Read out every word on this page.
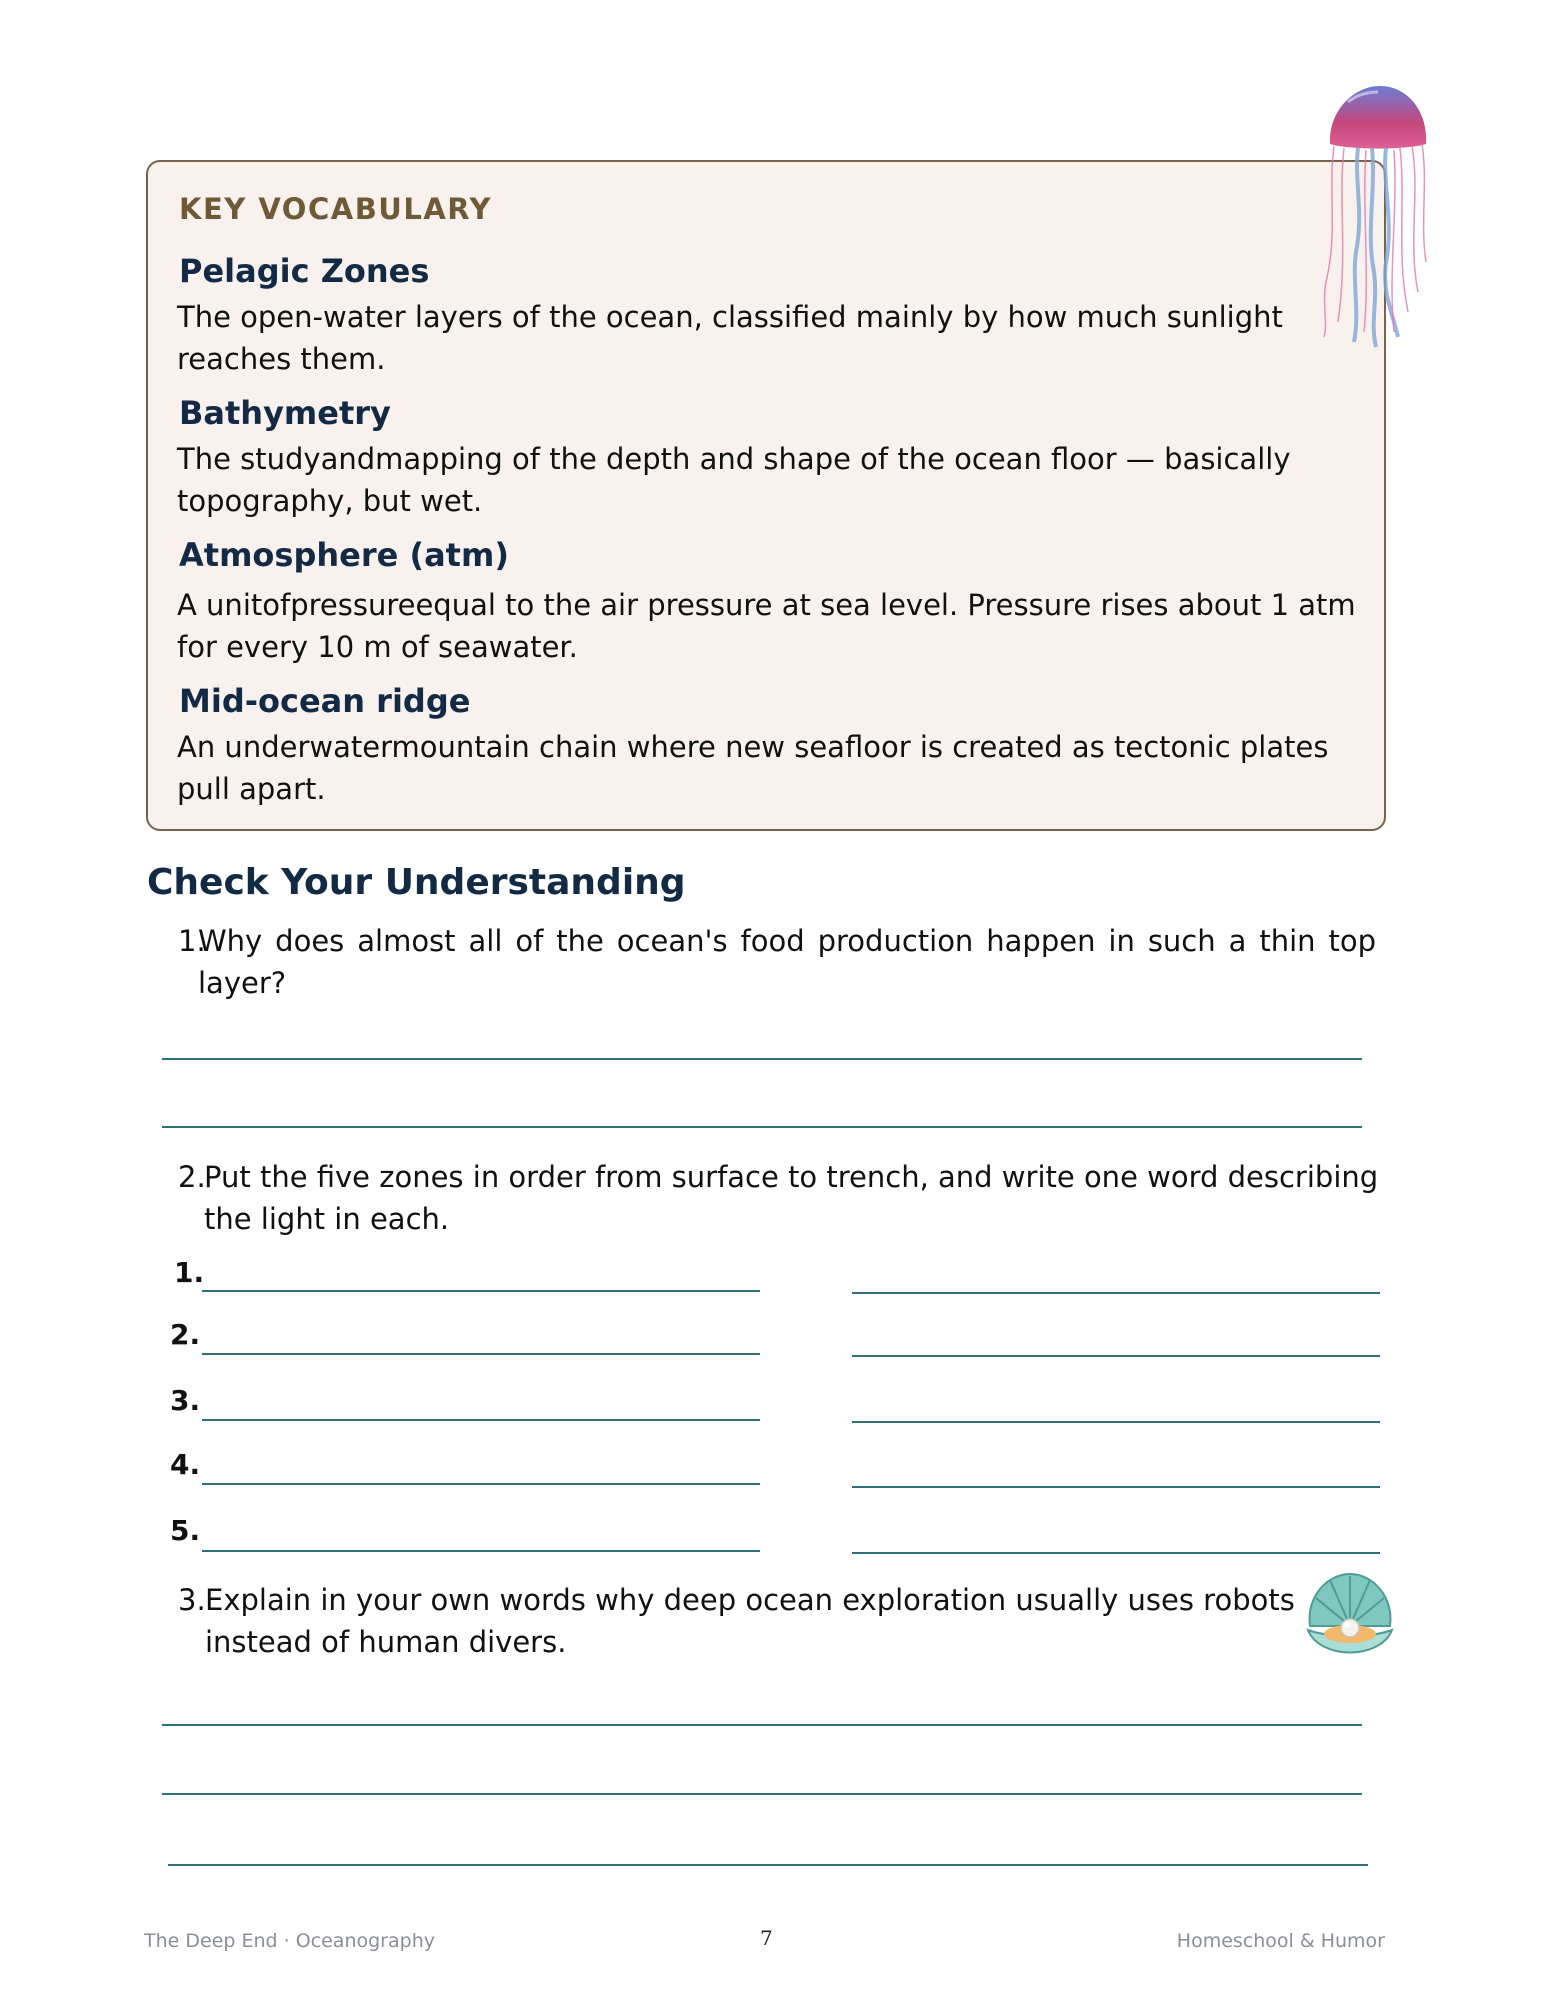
KEY VOCABULARY
Pelagic Zones
The open-water layers of the ocean, classified mainly by how much sunlight
reaches them.
Bathymetry
The studyandmapping of the depth and shape of the ocean floor — basically
topography, but wet.
Atmosphere (atm)
A unitofpressureequal to the air pressure at sea level. Pressure rises about 1 atm
for every 10 m of seawater.
Mid-ocean ridge
An underwatermountain chain where new seafloor is created as tectonic plates
pull apart.
Check Your Understanding
1.
Why does almost all of the ocean's food production happen in such a thin top
layer?
2.
Put the five zones in order from surface to trench, and write one word describing
the light in each.
1.
2.
3.
4.
5.
3. Explain in your own words why deep ocean exploration usually uses robots
instead of human divers.
The Deep End · Oceanography	7	Homeschool & Humor
